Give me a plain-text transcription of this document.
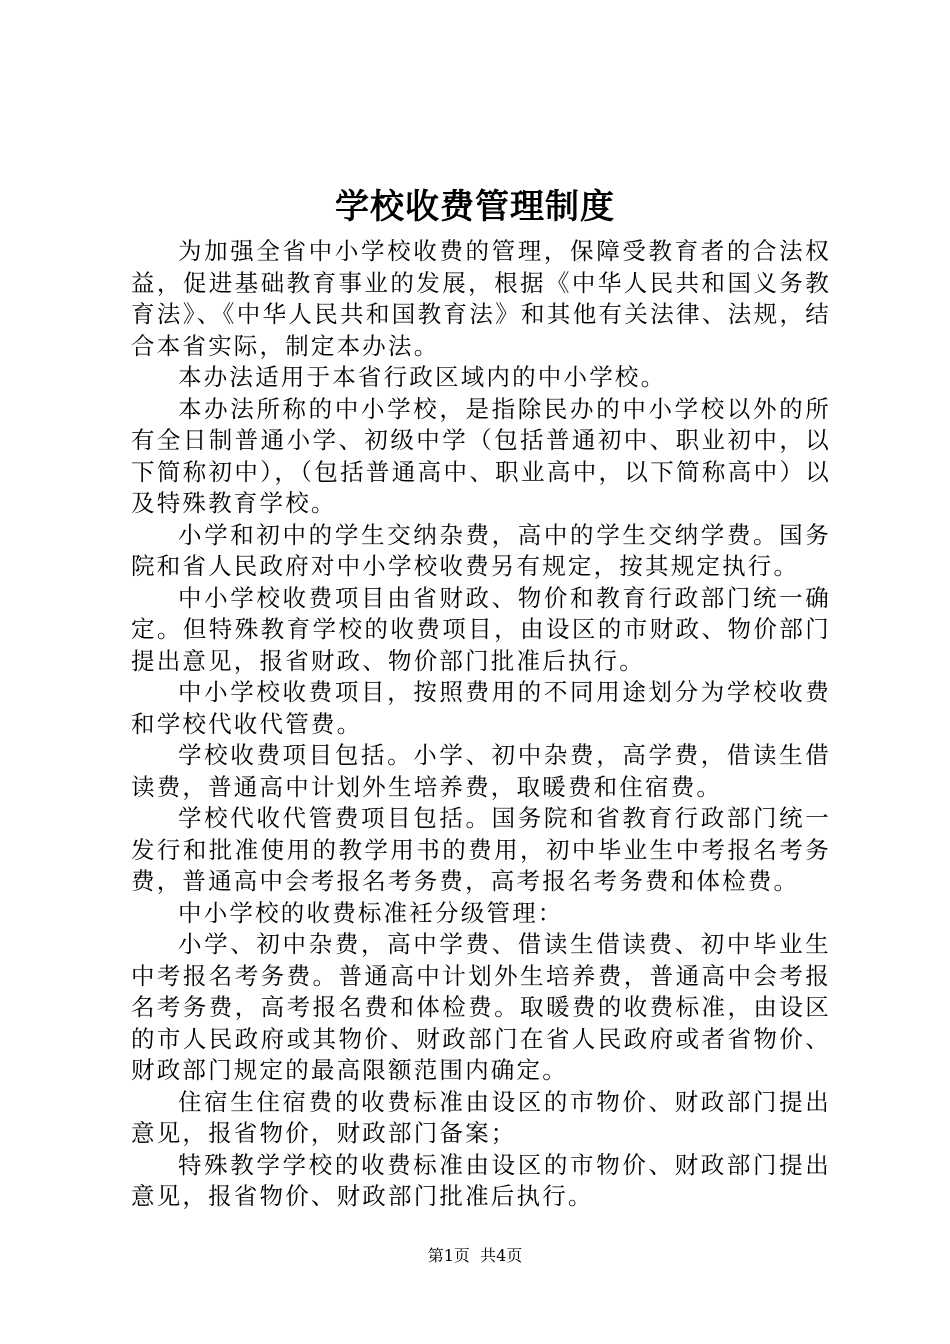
学校收费管理制度

为加强全省中小学校收费的管理，保障受教育者的合法权益，促进基础教育事业的发展，根据《中华人民共和国义务教育法》、《中华人民共和国教育法》和其他有关法律、法规，结合本省实际，制定本办法。

本办法适用于本省行政区域内的中小学校。

本办法所称的中小学校，是指除民办的中小学校以外的所有全日制普通小学、初级中学（包括普通初中、职业初中，以下简称初中），（包括普通高中、职业高中，以下简称高中）以及特殊教育学校。

小学和初中的学生交纳杂费，高中的学生交纳学费。国务院和省人民政府对中小学校收费另有规定，按其规定执行。

中小学校收费项目由省财政、物价和教育行政部门统一确定。但特殊教育学校的收费项目，由设区的市财政、物价部门提出意见，报省财政、物价部门批准后执行。

中小学校收费项目，按照费用的不同用途划分为学校收费和学校代收代管费。

学校收费项目包括。小学、初中杂费，高学费，借读生借读费，普通高中计划外生培养费，取暖费和住宿费。

学校代收代管费项目包括。国务院和省教育行政部门统一发行和批准使用的教学用书的费用，初中毕业生中考报名考务费，普通高中会考报名考务费，高考报名考务费和体检费。

中小学校的收费标准衽分级管理：

小学、初中杂费，高中学费、借读生借读费、初中毕业生中考报名考务费。普通高中计划外生培养费，普通高中会考报名考务费，高考报名费和体检费。取暖费的收费标准，由设区的市人民政府或其物价、财政部门在省人民政府或者省物价、财政部门规定的最高限额范围内确定。

住宿生住宿费的收费标准由设区的市物价、财政部门提出意见，报省物价，财政部门备案；

特殊教学学校的收费标准由设区的市物价、财政部门提出意见，报省物价、财政部门批准后执行。

第1页 共4页
